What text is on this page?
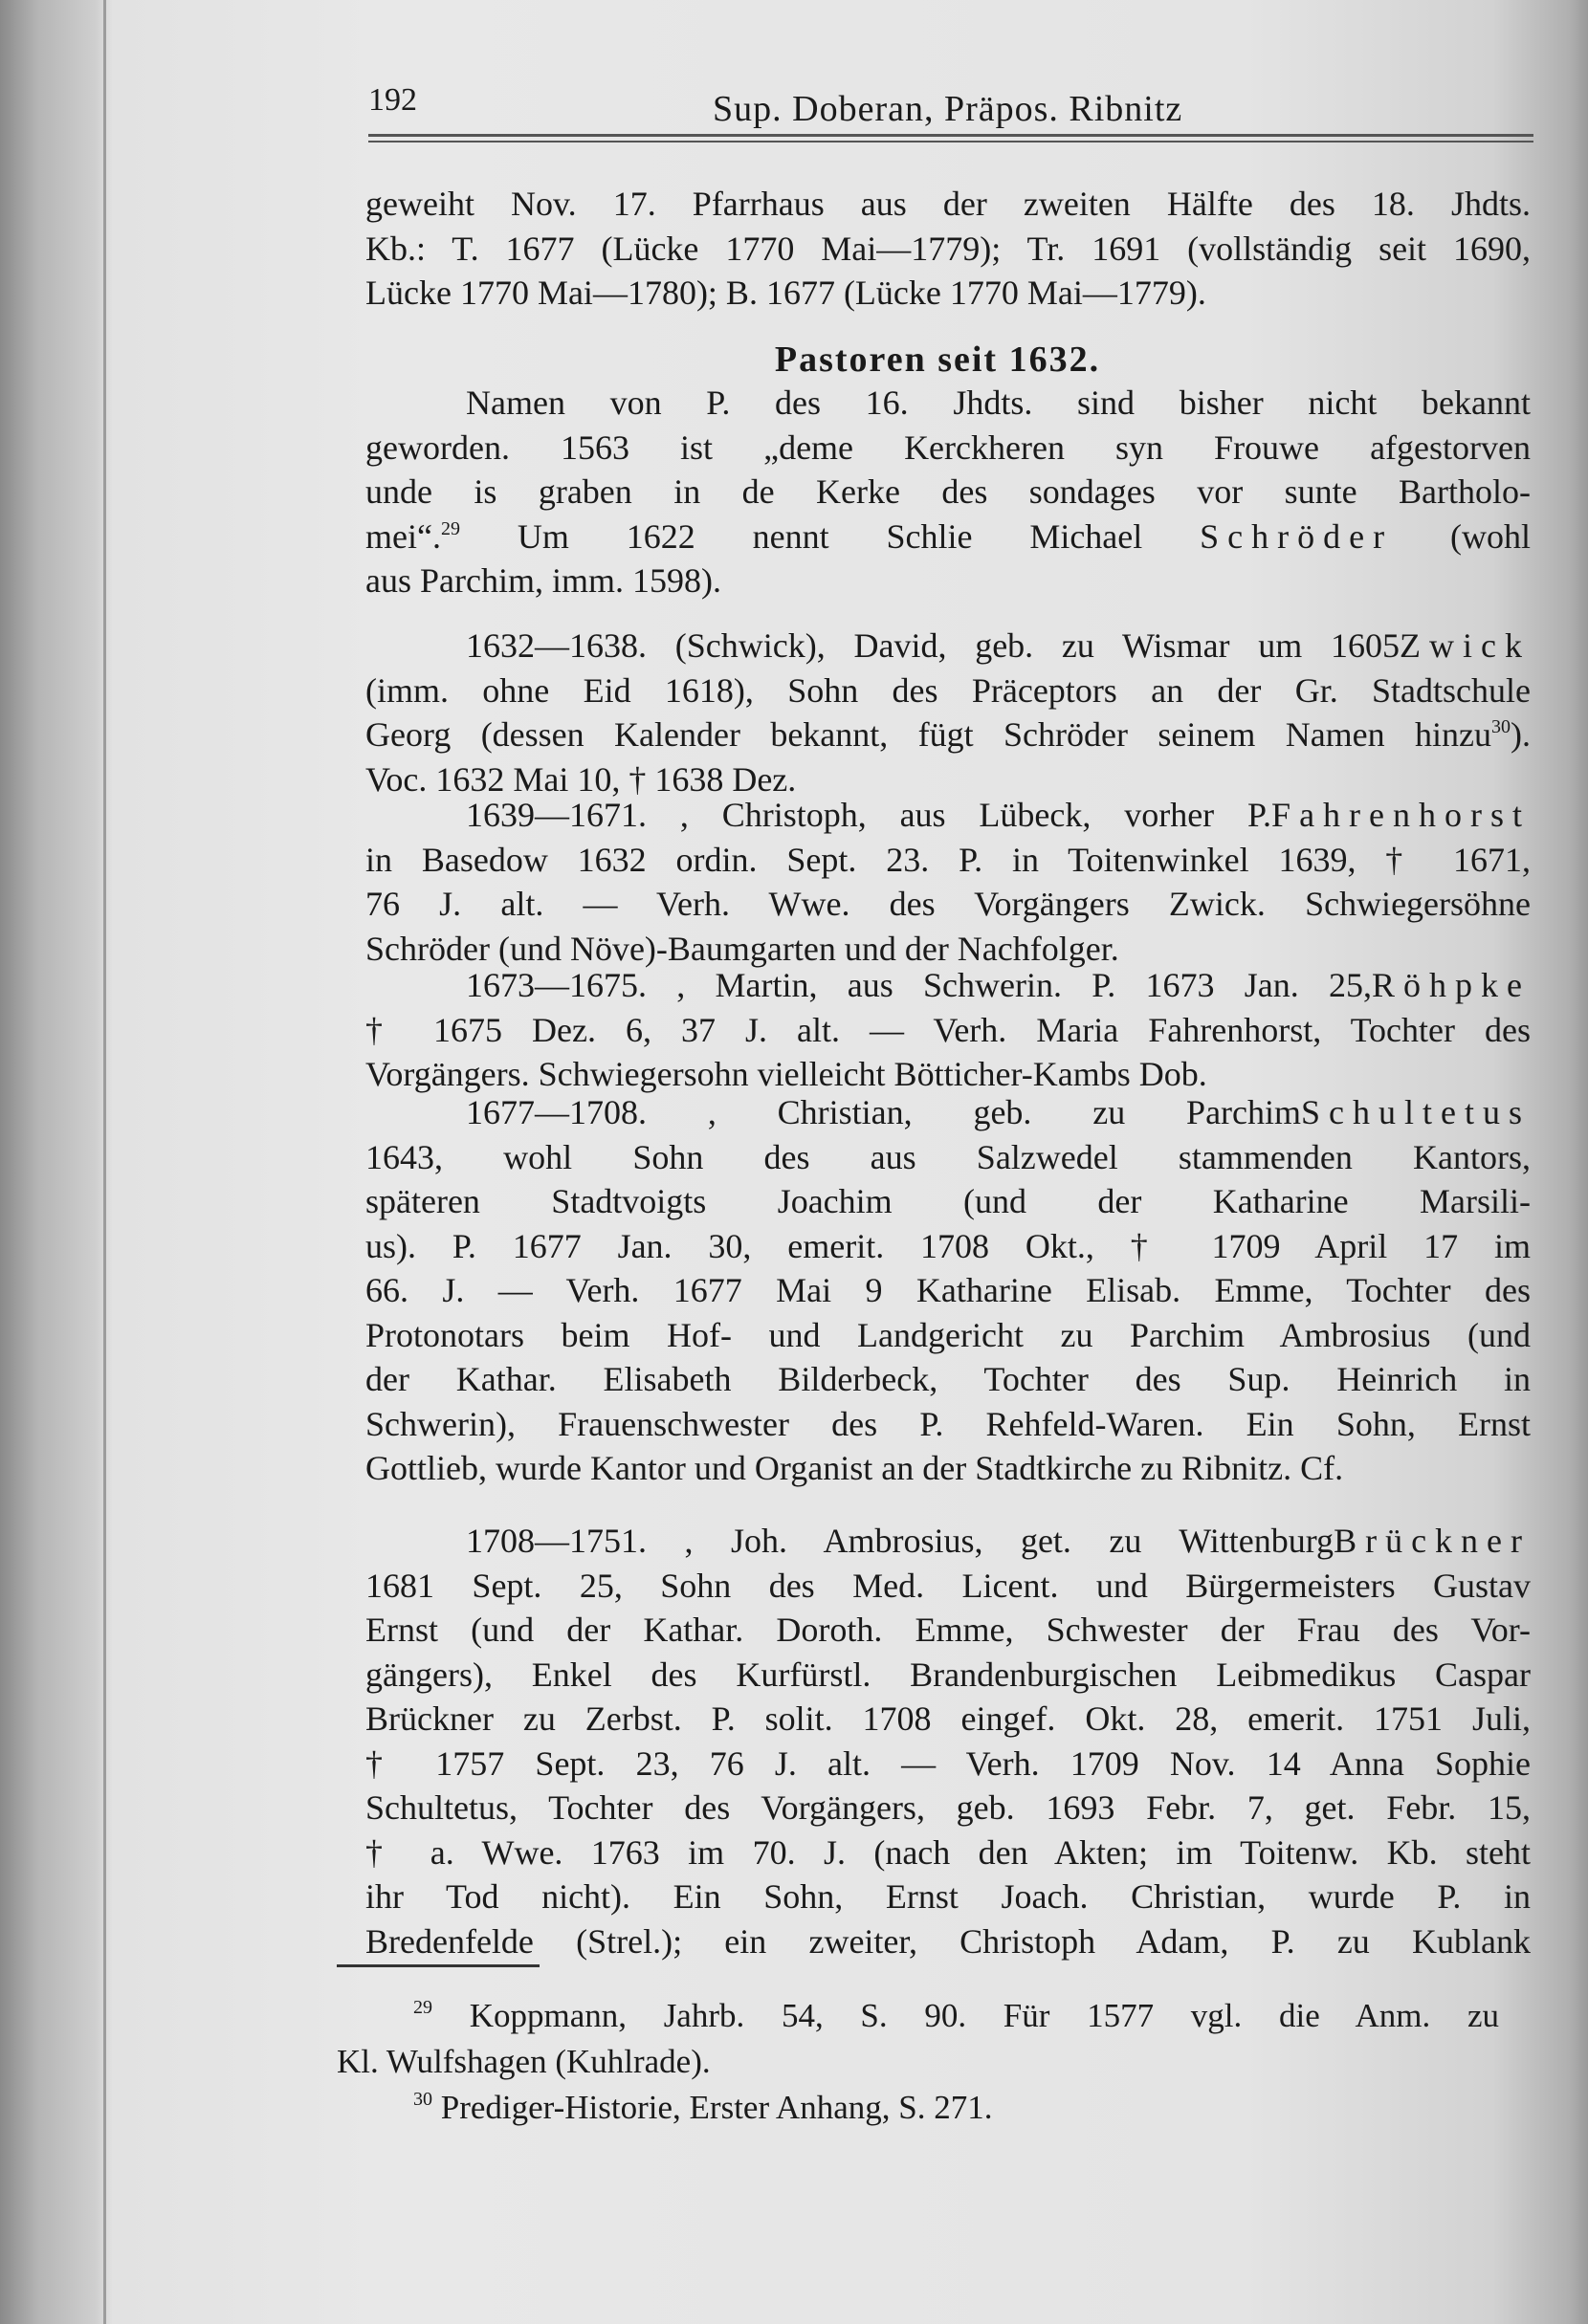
192	Sup. Doberan, Präpos. Ribnitz
Pastoren seit 1632.
geweiht Nov. 17. Pfarrhaus aus der zweiten Hälfte des 18. Jhdts.
Kb.: T. 1677 (Lücke 1770 Mai—1779); Tr. 1691 (vollständig seit 1690,
Lücke 1770 Mai—1780); B. 1677 (Lücke 1770 Mai—1779).
Namen von P. des 16. Jhdts. sind bisher nicht bekannt
geworden. 1563 ist „deme Kerckheren syn Frouwe afgestorven
unde is graben in de Kerke des sondages vor sunte Bartholo-
mei“.$^{29}$ Um 1622 nennt Schlie Michael Schröder (wohl
aus Parchim, imm. 1598).
1632—1638. (Schwick), David, geb. zu Wismar um 1605Zwick
(imm. ohne Eid 1618), Sohn des Präceptors an der Gr. Stadtschule
Georg (dessen Kalender bekannt, fügt Schröder seinem Namen hinzu$^{30}$).
Voc. 1632 Mai 10, † 1638 Dez.
1639—1671. , Christoph, aus Lübeck, vorher P.Fahrenhorst
in Basedow 1632 ordin. Sept. 23. P. in Toitenwinkel 1639, † 1671,
76 J. alt. — Verh. Wwe. des Vorgängers Zwick. Schwiegersöhne
Schröder (und Növe)-Baumgarten und der Nachfolger.
1673—1675. , Martin, aus Schwerin. P. 1673 Jan. 25,Röhpke
† 1675 Dez. 6, 37 J. alt. — Verh. Maria Fahrenhorst, Tochter des
Vorgängers. Schwiegersohn vielleicht Bötticher-Kambs Dob.
1677—1708. , Christian, geb. zu ParchimSchultetus
1643, wohl Sohn des aus Salzwedel stammenden Kantors,
späteren Stadtvoigts Joachim (und der Katharine Marsili-
us). P. 1677 Jan. 30, emerit. 1708 Okt., † 1709 April 17 im
66. J. — Verh. 1677 Mai 9 Katharine Elisab. Emme, Tochter des
Protonotars beim Hof- und Landgericht zu Parchim Ambrosius (und
der Kathar. Elisabeth Bilderbeck, Tochter des Sup. Heinrich in
Schwerin), Frauenschwester des P. Rehfeld-Waren. Ein Sohn, Ernst
Gottlieb, wurde Kantor und Organist an der Stadtkirche zu Ribnitz. Cf.
1708—1751. , Joh. Ambrosius, get. zu WittenburgBrückner
1681 Sept. 25, Sohn des Med. Licent. und Bürgermeisters Gustav
Ernst (und der Kathar. Doroth. Emme, Schwester der Frau des Vor-
gängers), Enkel des Kurfürstl. Brandenburgischen Leibmedikus Caspar
Brückner zu Zerbst. P. solit. 1708 eingef. Okt. 28, emerit. 1751 Juli,
† 1757 Sept. 23, 76 J. alt. — Verh. 1709 Nov. 14 Anna Sophie
Schultetus, Tochter des Vorgängers, geb. 1693 Febr. 7, get. Febr. 15,
† a. Wwe. 1763 im 70. J. (nach den Akten; im Toitenw. Kb. steht
ihr Tod nicht). Ein Sohn, Ernst Joach. Christian, wurde P. in
Bredenfelde (Strel.); ein zweiter, Christoph Adam, P. zu Kublank
$^{29}$ Koppmann, Jahrb. 54, S. 90. Für 1577 vgl. die Anm. zu
Kl. Wulfshagen (Kuhlrade).
$^{30}$ Prediger-Historie, Erster Anhang, S. 271.
